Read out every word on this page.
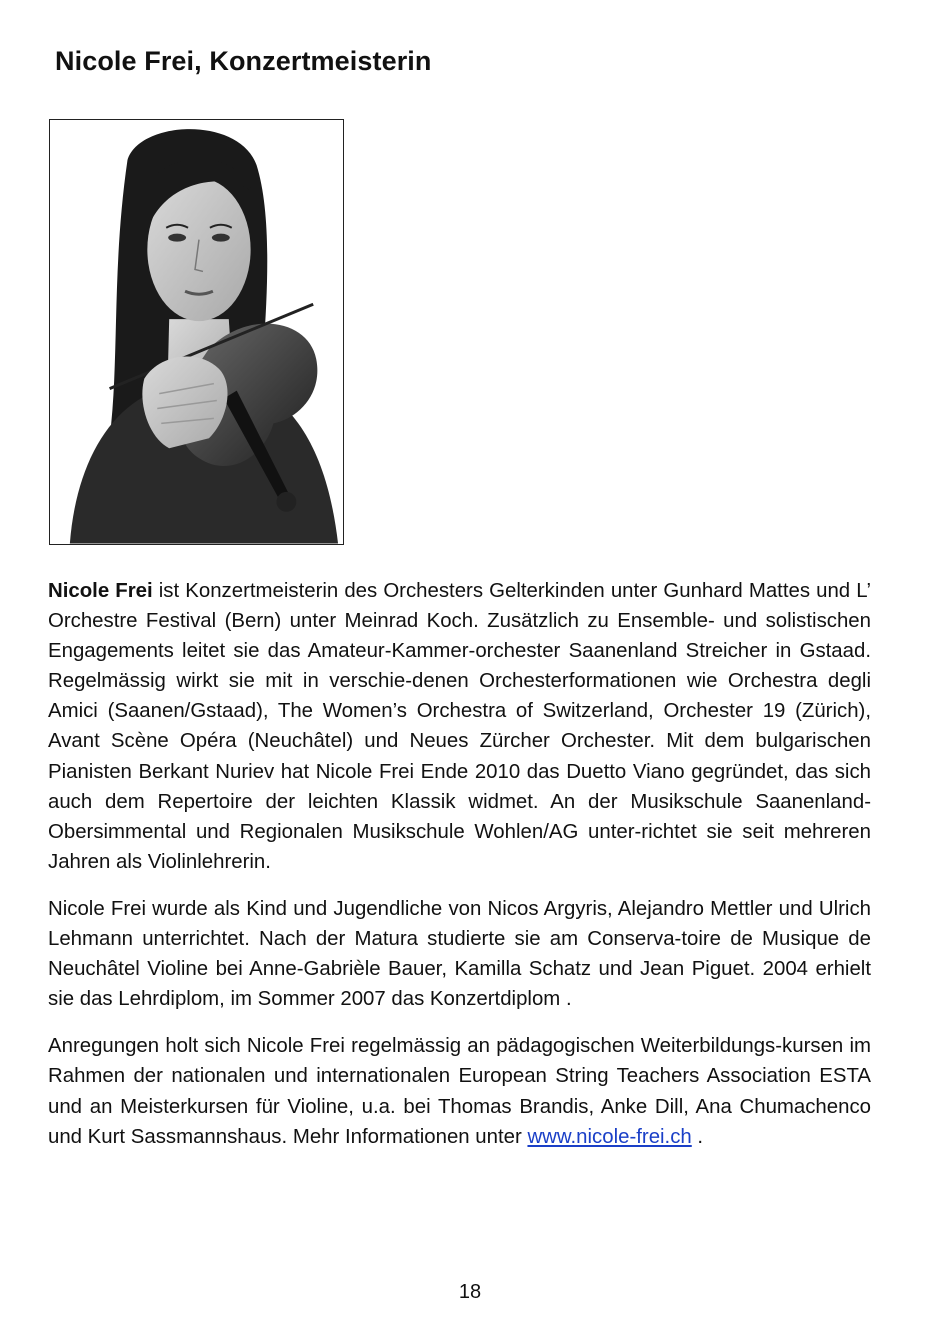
Nicole Frei, Konzertmeisterin

Nicole Frei ist Konzertmeisterin des Orchesters Gelterkinden unter Gunhard Mattes und L’ Orchestre Festival (Bern) unter Meinrad Koch. Zusätzlich zu Ensemble- und solistischen Engagements leitet sie das Amateur-Kammer-orchester Saanenland Streicher in Gstaad. Regelmässig wirkt sie mit in verschie-denen Orchesterformationen wie Orchestra degli Amici (Saanen/Gstaad), The Women’s Orchestra of Switzerland, Orchester 19 (Zürich), Avant Scène Opéra (Neuchâtel) und Neues Zürcher Orchester. Mit dem bulgarischen Pianisten Berkant Nuriev hat Nicole Frei Ende 2010 das Duetto Viano gegründet, das sich auch dem Repertoire der leichten Klassik widmet. An der Musikschule Saanenland-Obersimmental und Regionalen Musikschule Wohlen/AG unter-richtet sie seit mehreren Jahren als Violinlehrerin.

Nicole Frei wurde als Kind und Jugendliche von Nicos Argyris, Alejandro Mettler und Ulrich Lehmann unterrichtet. Nach der Matura studierte sie am Conserva-toire de Musique de Neuchâtel Violine bei Anne-Gabrièle Bauer, Kamilla Schatz und Jean Piguet. 2004 erhielt sie das Lehrdiplom, im Sommer 2007 das Konzertdiplom .

Anregungen holt sich Nicole Frei regelmässig an pädagogischen Weiterbildungs-kursen im Rahmen der nationalen und internationalen European String Teachers Association ESTA und an Meisterkursen für Violine, u.a. bei Thomas Brandis, Anke Dill, Ana Chumachenco und Kurt Sassmannshaus. Mehr Informationen unter www.nicole-frei.ch .

18
